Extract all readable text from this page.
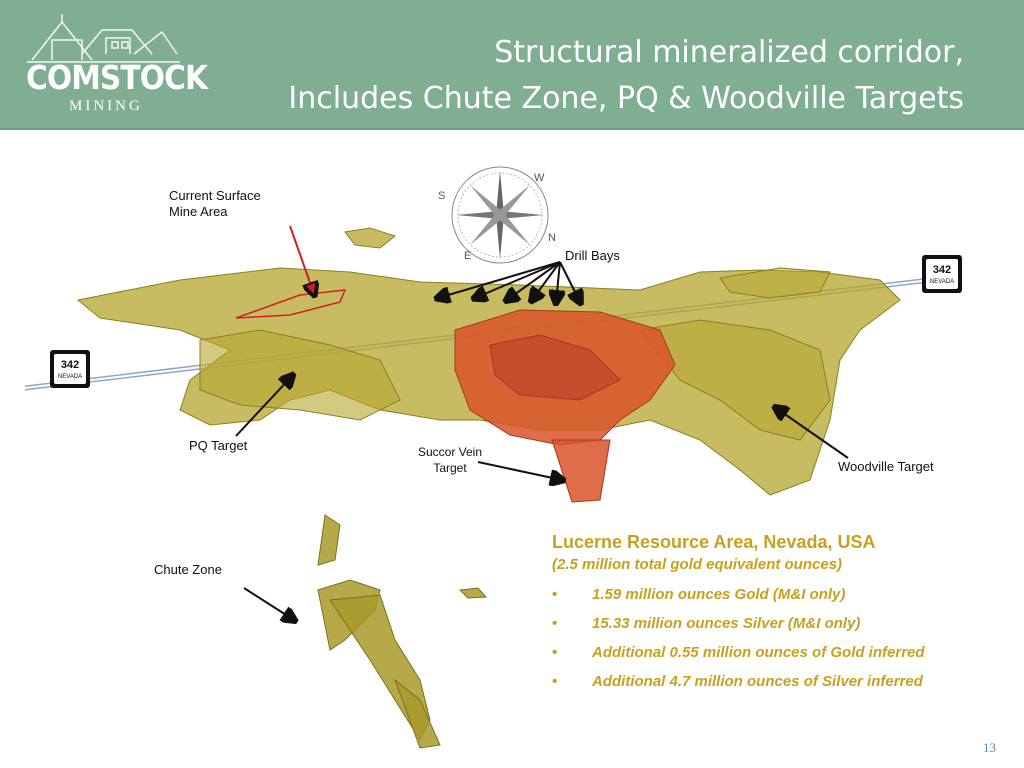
COMSTOCK
MINING
Structural mineralized corridor,
Includes Chute Zone, PQ & Woodville Targets
W
S
N
E
342
NEVADA
342
NEVADA
Current Surface
Mine Area
Drill Bays
PQ Target	Succor Vein
Target	Woodville Target
Chute Zone
Lucerne Resource Area, Nevada, USA
(2.5 million total gold equivalent ounces)
• 1.59 million ounces Gold (M&I only)
• 15.33 million ounces Silver (M&I only)
• Additional 0.55 million ounces of Gold inferred
• Additional 4.7 million ounces of Silver inferred
13
